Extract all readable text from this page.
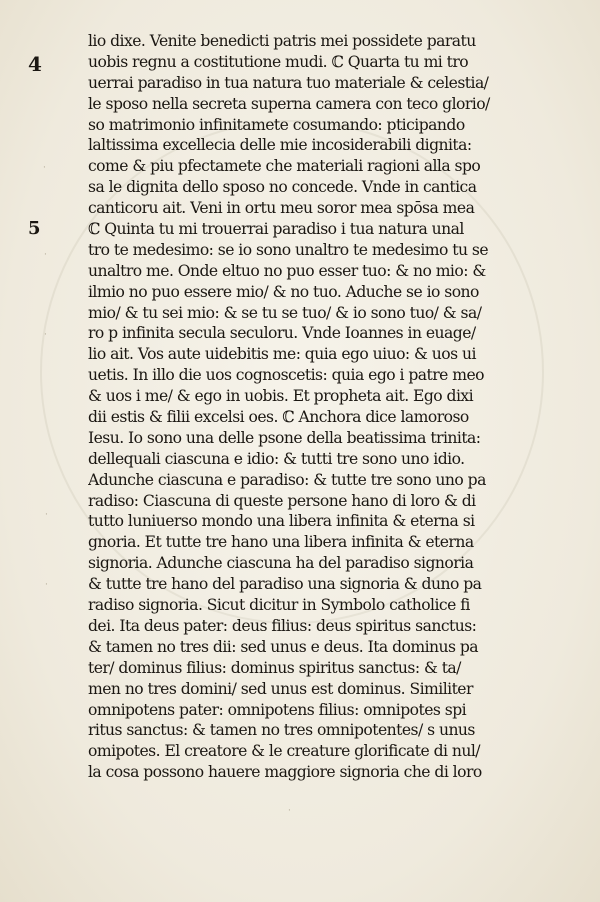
4
5
·
·
·
·
·
·
lio dixe. Venite benedicti patris mei possidete paratu
uobis regnu a costitutione mudi. ℂ Quarta tu mi tro
uerrai paradiso in tua natura tuo materiale & celestia/
le sposo nella secreta superna camera con teco glorio/
so matrimonio infinitamete cosumando: pticipando
laltissima excellecia delle mie incosiderabili dignita:
come & piu pfectamete che materiali ragioni alla spo
sa le dignita dello sposo no concede. Vnde in cantica
canticoru ait. Veni in ortu meu soror mea spōsa mea
ℂ Quinta tu mi trouerrai paradiso i tua natura unal
tro te medesimo: se io sono unaltro te medesimo tu se
unaltro me. Onde eltuo no puo esser tuo: & no mio: &
ilmio no puo essere mio/ & no tuo. Aduche se io sono
mio/ & tu sei mio: & se tu se tuo/ & io sono tuo/ & sa/
ro p infinita secula seculoru. Vnde Ioannes in euage/
lio ait. Vos aute uidebitis me: quia ego uiuo: & uos ui
uetis. In illo die uos cognoscetis: quia ego i patre meo
& uos i me/ & ego in uobis. Et propheta ait. Ego dixi
dii estis & filii excelsi oes. ℂ Anchora dice lamoroso
Iesu. Io sono una delle psone della beatissima trinita:
dellequali ciascuna e idio: & tutti tre sono uno idio.
Adunche ciascuna e paradiso: & tutte tre sono uno pa
radiso: Ciascuna di queste persone hano di loro & di
tutto luniuerso mondo una libera infinita & eterna si
gnoria. Et tutte tre hano una libera infinita & eterna
signoria. Adunche ciascuna ha del paradiso signoria
& tutte tre hano del paradiso una signoria & duno pa
radiso signoria. Sicut dicitur in Symbolo catholice fi
dei. Ita deus pater: deus filius: deus spiritus sanctus:
& tamen no tres dii: sed unus e deus. Ita dominus pa
ter/ dominus filius: dominus spiritus sanctus: & ta/
men no tres domini/ sed unus est dominus. Similiter
omnipotens pater: omnipotens filius: omnipotes spi
ritus sanctus: & tamen no tres omnipotentes/ s unus
omipotes. El creatore & le creature glorificate di nul/
la cosa possono hauere maggiore signoria che di loro
